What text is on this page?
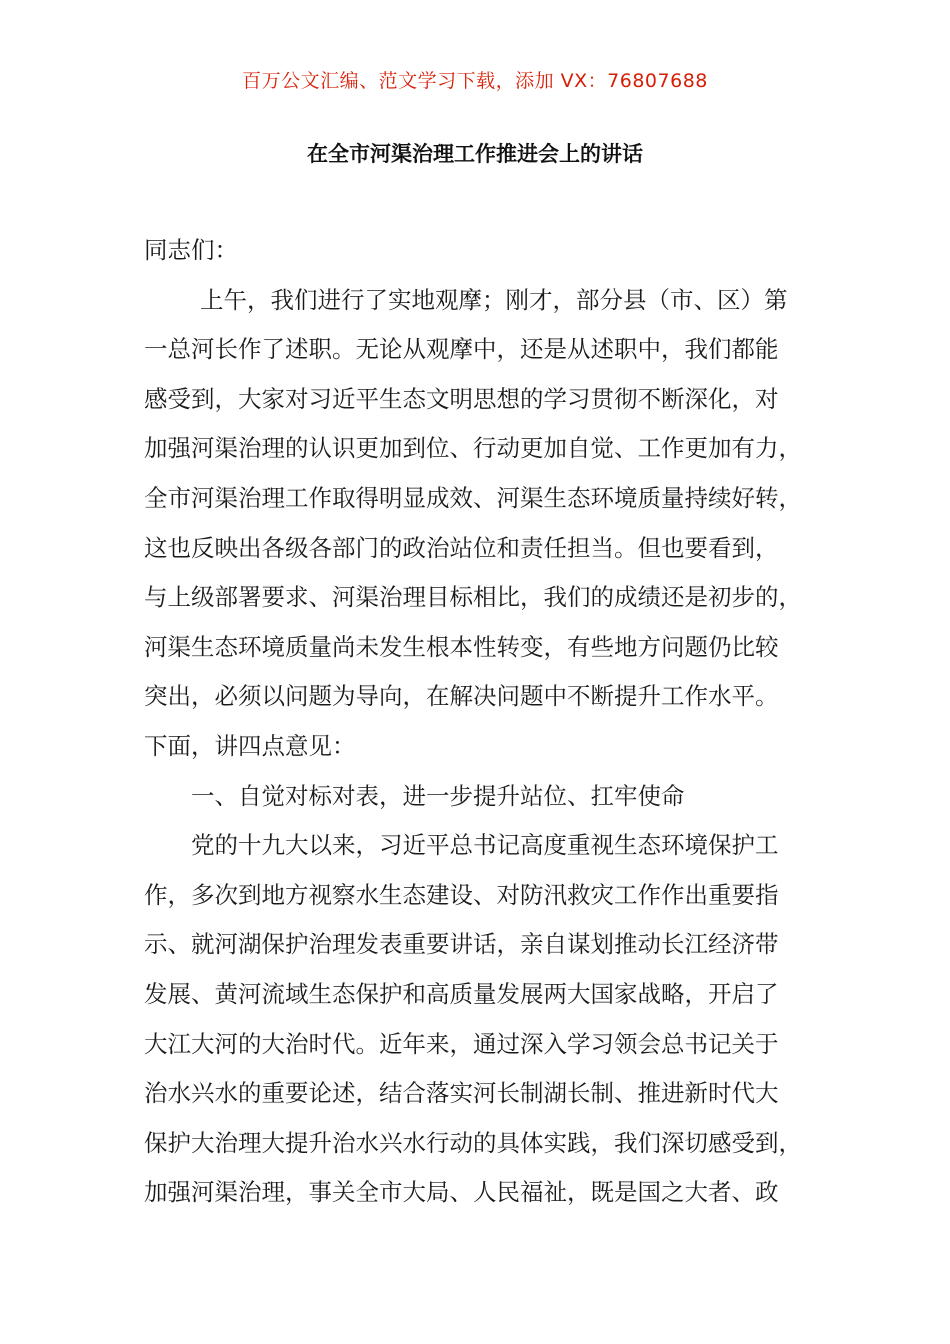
百万公文汇编、范文学习下载，添加 VX：76807688
在全市河渠治理工作推进会上的讲话

同志们：

上午，我们进行了实地观摩；刚才，部分县（市、区）第
一总河长作了述职。无论从观摩中，还是从述职中，我们都能
感受到，大家对习近平生态文明思想的学习贯彻不断深化，对
加强河渠治理的认识更加到位、行动更加自觉、工作更加有力，
全市河渠治理工作取得明显成效、河渠生态环境质量持续好转，
这也反映出各级各部门的政治站位和责任担当。但也要看到，
与上级部署要求、河渠治理目标相比，我们的成绩还是初步的，
河渠生态环境质量尚未发生根本性转变，有些地方问题仍比较
突出，必须以问题为导向，在解决问题中不断提升工作水平。
下面，讲四点意见：

一、自觉对标对表，进一步提升站位、扛牢使命

党的十九大以来，习近平总书记高度重视生态环境保护工
作，多次到地方视察水生态建设、对防汛救灾工作作出重要指
示、就河湖保护治理发表重要讲话，亲自谋划推动长江经济带
发展、黄河流域生态保护和高质量发展两大国家战略，开启了
大江大河的大治时代。近年来，通过深入学习领会总书记关于
治水兴水的重要论述，结合落实河长制湖长制、推进新时代大
保护大治理大提升治水兴水行动的具体实践，我们深切感受到，
加强河渠治理，事关全市大局、人民福祉，既是国之大者、政
